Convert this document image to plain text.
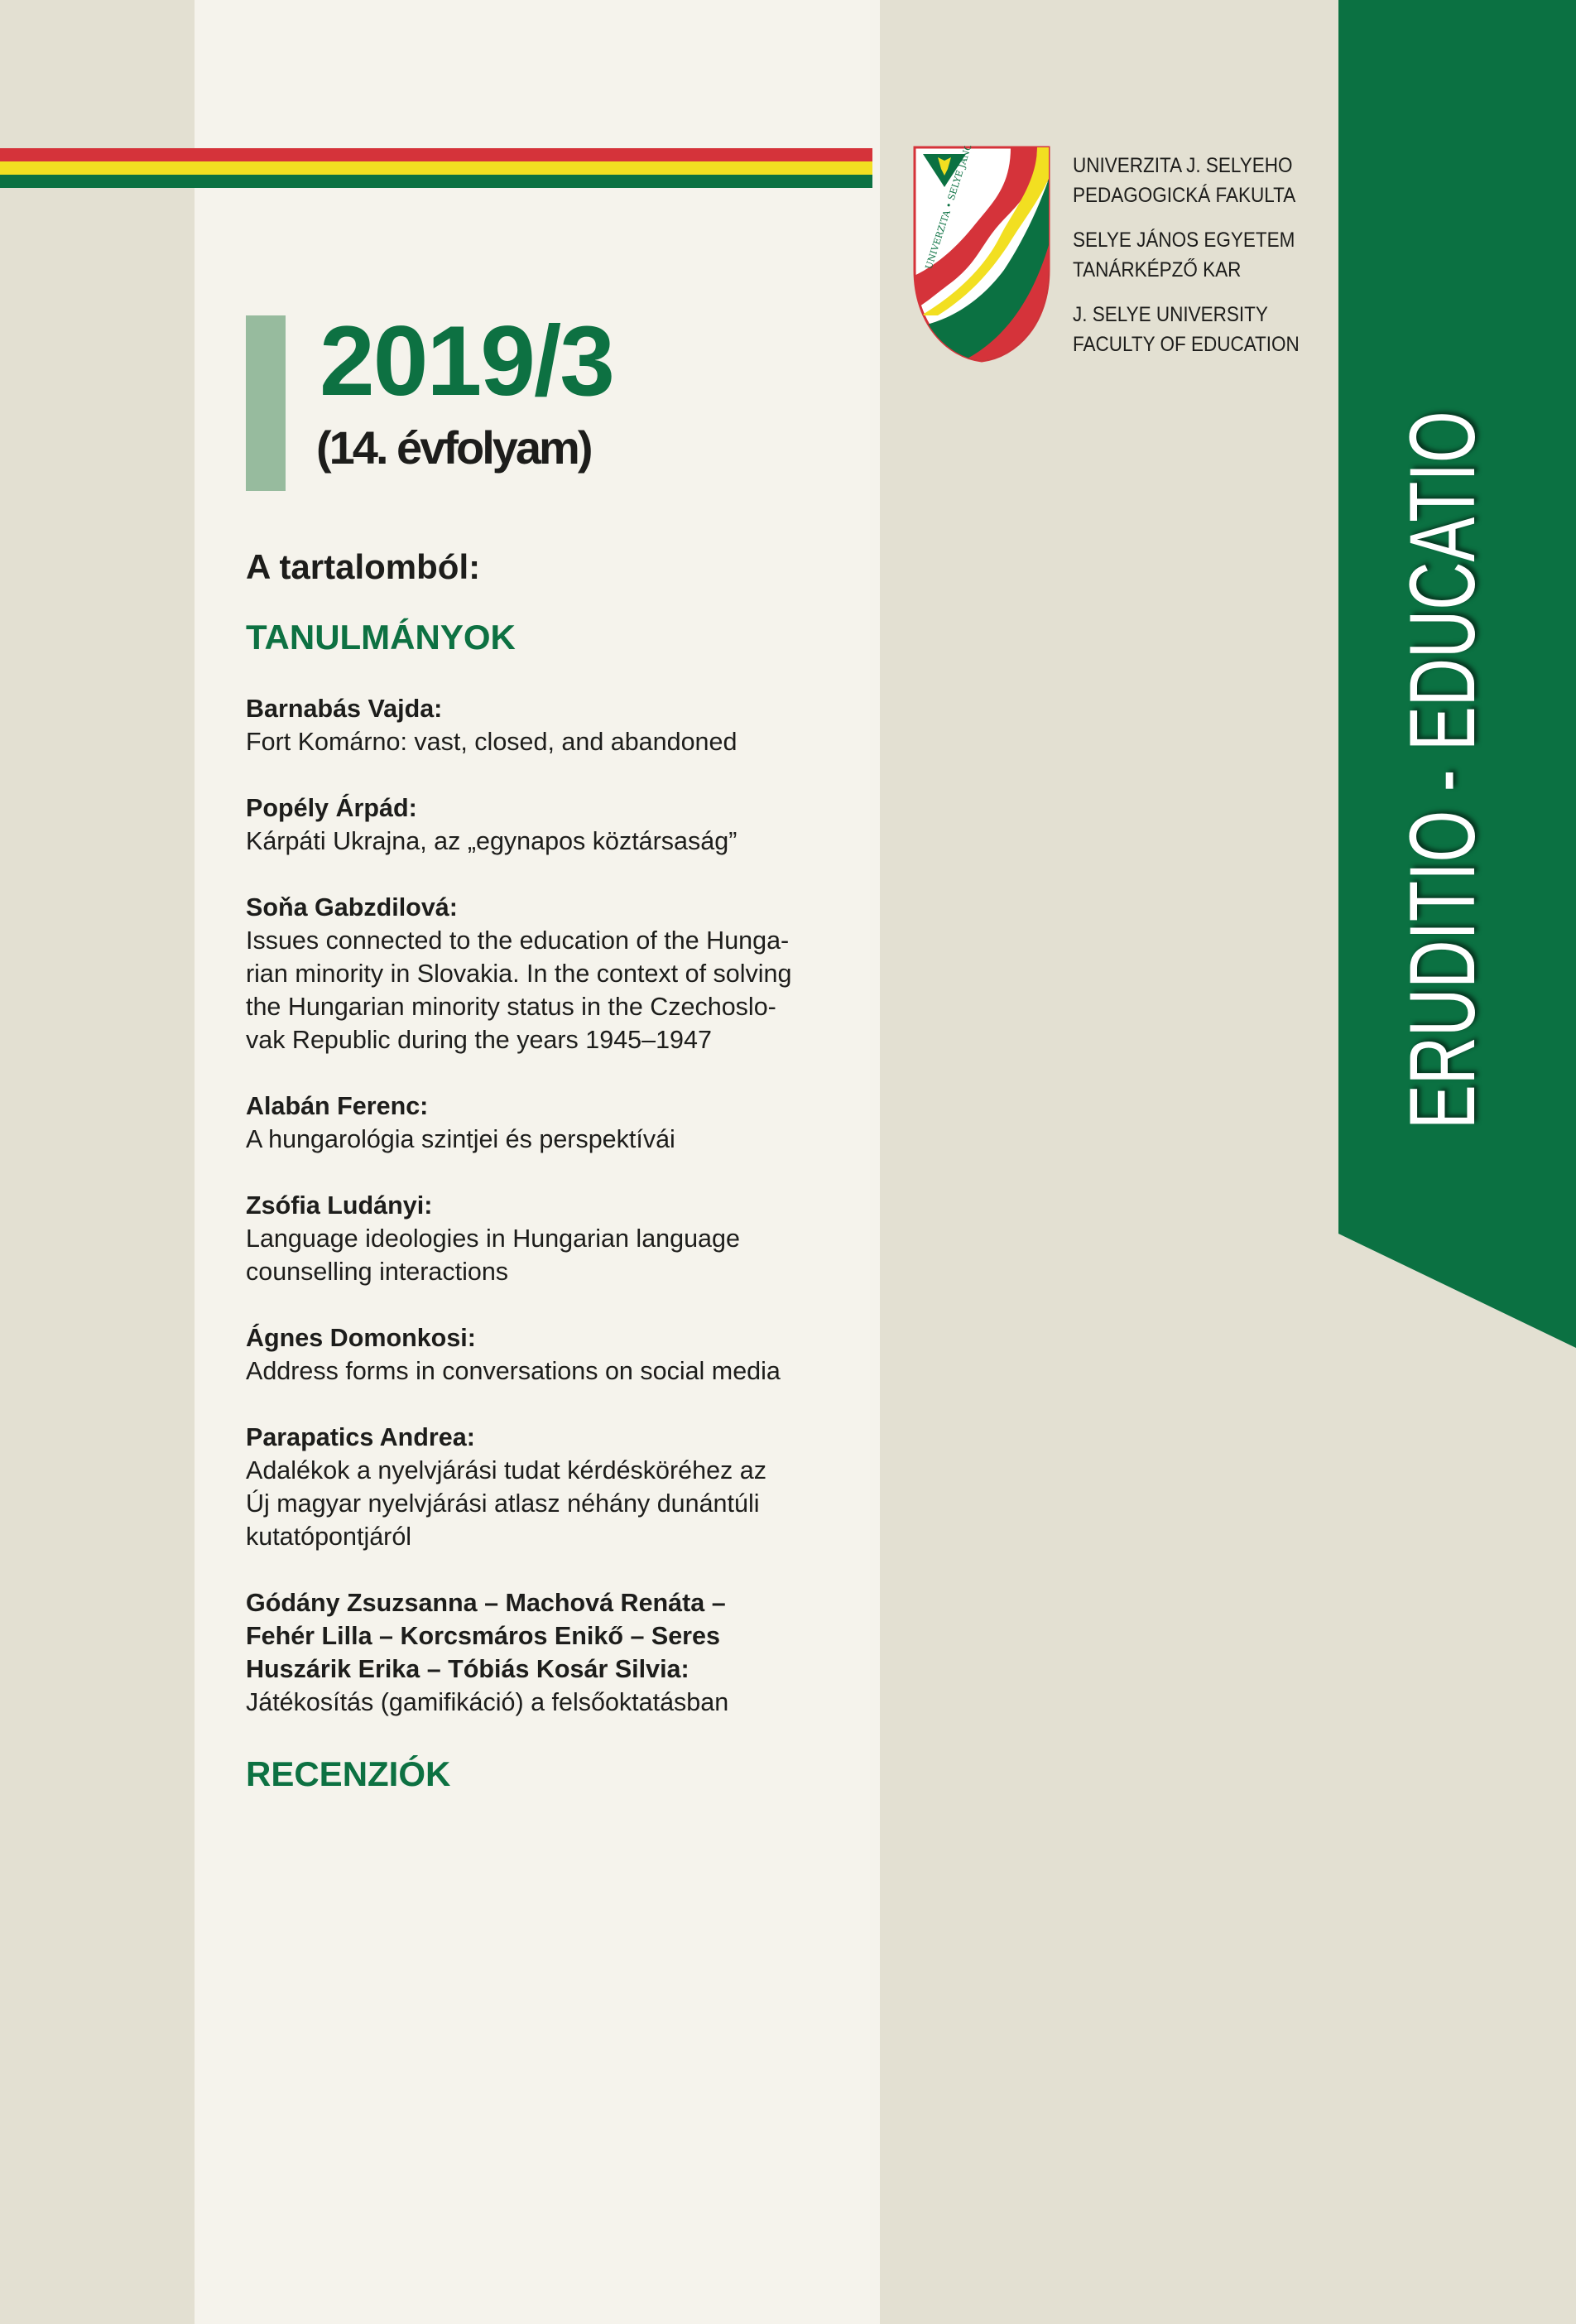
2019/3
(14. évfolyam)
A tartalomból:
TANULMÁNYOK
Barnabás Vajda:
Fort Komárno: vast, closed, and abandoned
Popély Árpád:
Kárpáti Ukrajna, az „egynapos köztársaság”
Soňa Gabzdilová:
Issues connected to the education of the Hunga-
rian minority in Slovakia. In the context of solving
the Hungarian minority status in the Czechoslo-
vak Republic during the years 1945–1947
Alabán Ferenc:
A hungarológia szintjei és perspektívái
Zsófia Ludányi:
Language ideologies in Hungarian language
counselling interactions
Ágnes Domonkosi:
Address forms in conversations on social media
Parapatics Andrea:
Adalékok a nyelvjárási tudat kérdésköréhez az
Új magyar nyelvjárási atlasz néhány dunántúli
kutatópontjáról
Gódány Zsuzsanna – Machová Renáta –
Fehér Lilla – Korcsmáros Enikő – Seres
Huszárik Erika – Tóbiás Kosár Silvia:
Játékosítás (gamifikáció) a felsőoktatásban
RECENZIÓK
UNIVERZITA J. SELYEHO
PEDAGOGICKÁ FAKULTA
SELYE JÁNOS EGYETEM
TANÁRKÉPZŐ KAR
J. SELYE UNIVERSITY
FACULTY OF EDUCATION
ERUDITIO - EDUCATIO
